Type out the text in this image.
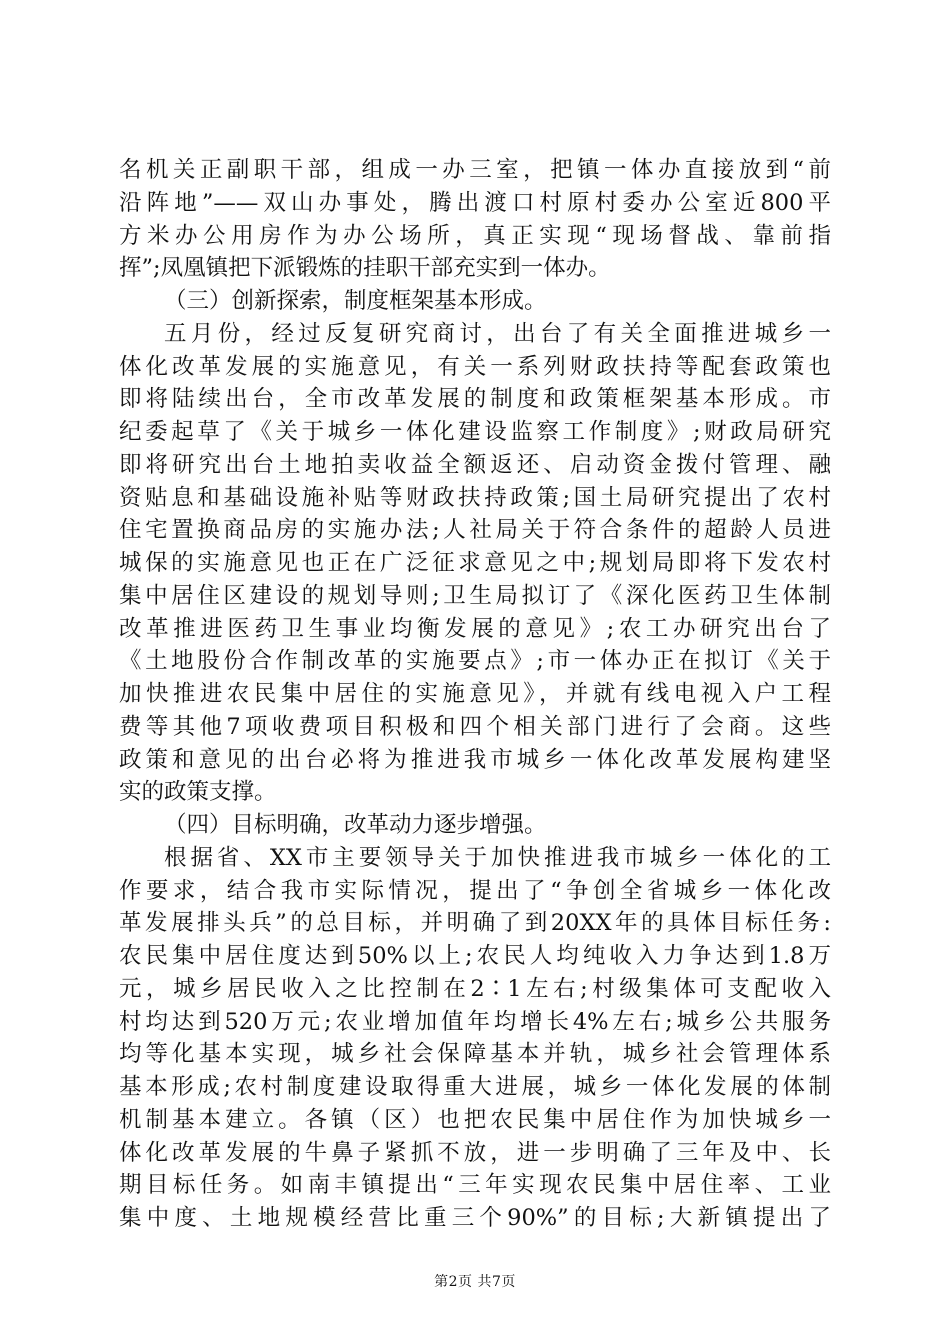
名机关正副职干部，组成一办三室，把镇一体办直接放到“前
沿阵地”——双山办事处，腾出渡口村原村委办公室近800平
方米办公用房作为办公场所，真正实现“现场督战、靠前指
挥”;凤凰镇把下派锻炼的挂职干部充实到一体办。
（三）创新探索，制度框架基本形成。
五月份，经过反复研究商讨，出台了有关全面推进城乡一
体化改革发展的实施意见，有关一系列财政扶持等配套政策也
即将陆续出台，全市改革发展的制度和政策框架基本形成。市
纪委起草了《关于城乡一体化建设监察工作制度》;财政局研究
即将研究出台土地拍卖收益全额返还、启动资金拨付管理、融
资贴息和基础设施补贴等财政扶持政策;国土局研究提出了农村
住宅置换商品房的实施办法;人社局关于符合条件的超龄人员进
城保的实施意见也正在广泛征求意见之中;规划局即将下发农村
集中居住区建设的规划导则;卫生局拟订了《深化医药卫生体制
改革推进医药卫生事业均衡发展的意见》;农工办研究出台了
《土地股份合作制改革的实施要点》;市一体办正在拟订《关于
加快推进农民集中居住的实施意见》，并就有线电视入户工程
费等其他7项收费项目积极和四个相关部门进行了会商。这些
政策和意见的出台必将为推进我市城乡一体化改革发展构建坚
实的政策支撑。
（四）目标明确，改革动力逐步增强。
根据省、XX市主要领导关于加快推进我市城乡一体化的工
作要求，结合我市实际情况，提出了“争创全省城乡一体化改
革发展排头兵”的总目标，并明确了到20XX年的具体目标任务:
农民集中居住度达到50%以上;农民人均纯收入力争达到1.8万
元，城乡居民收入之比控制在2∶1左右;村级集体可支配收入
村均达到520万元;农业增加值年均增长4%左右;城乡公共服务
均等化基本实现，城乡社会保障基本并轨，城乡社会管理体系
基本形成;农村制度建设取得重大进展，城乡一体化发展的体制
机制基本建立。各镇（区）也把农民集中居住作为加快城乡一
体化改革发展的牛鼻子紧抓不放，进一步明确了三年及中、长
期目标任务。如南丰镇提出“三年实现农民集中居住率、工业
集中度、土地规模经营比重三个90%”的目标;大新镇提出了
第2页 共7页
